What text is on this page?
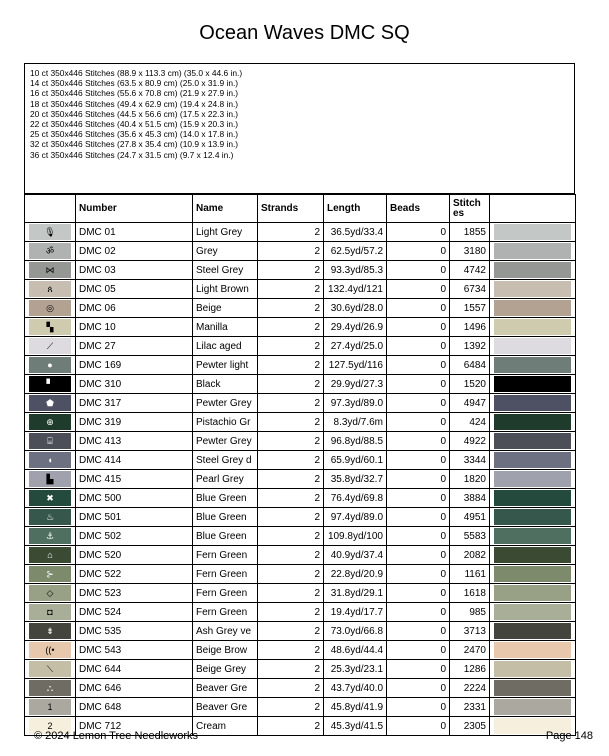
Ocean Waves DMC SQ
10 ct 350x446 Stitches (88.9 x 113.3 cm) (35.0 x 44.6 in.)
14 ct 350x446 Stitches (63.5 x 80.9 cm) (25.0 x 31.9 in.)
16 ct 350x446 Stitches (55.6 x 70.8 cm) (21.9 x 27.9 in.)
18 ct 350x446 Stitches (49.4 x 62.9 cm) (19.4 x 24.8 in.)
20 ct 350x446 Stitches (44.5 x 56.6 cm) (17.5 x 22.3 in.)
22 ct 350x446 Stitches (40.4 x 51.5 cm) (15.9 x 20.3 in.)
25 ct 350x446 Stitches (35.6 x 45.3 cm) (14.0 x 17.8 in.)
32 ct 350x446 Stitches (27.8 x 35.4 cm) (10.9 x 13.9 in.)
36 ct 350x446 Stitches (24.7 x 31.5 cm) (9.7 x 12.4 in.)
	Number	Name	Strands	Length	Beads	Stitch
es	

🎙	DMC 01	Light Grey	2	36.5yd/33.4	0	1855	

ॐ	DMC 02	Grey	2	62.5yd/57.2	0	3180	

⋈	DMC 03	Steel Grey	2	93.3yd/85.3	0	4742	

ጰ	DMC 05	Light Brown	2	132.4yd/121	0	6734	

◎	DMC 06	Beige	2	30.6yd/28.0	0	1557	

▚	DMC 10	Manilla	2	29.4yd/26.9	0	1496	

⟋	DMC 27	Lilac aged	2	27.4yd/25.0	0	1392	

●	DMC 169	Pewter light	2	127.5yd/116	0	6484	

▘	DMC 310	Black	2	29.9yd/27.3	0	1520	

⬟	DMC 317	Pewter Grey	2	97.3yd/89.0	0	4947	

⊕	DMC 319	Pistachio Gr	2	8.3yd/7.6m	0	424	

⌸	DMC 413	Pewter Grey	2	96.8yd/88.5	0	4922	

◖	DMC 414	Steel Grey d	2	65.9yd/60.1	0	3344	

▙	DMC 415	Pearl Grey	2	35.8yd/32.7	0	1820	

✖	DMC 500	Blue Green	2	76.4yd/69.8	0	3884	

♨	DMC 501	Blue Green	2	97.4yd/89.0	0	4951	

⚓	DMC 502	Blue Green	2	109.8yd/100	0	5583	

⌂	DMC 520	Fern Green	2	40.9yd/37.4	0	2082	

⊱	DMC 522	Fern Green	2	22.8yd/20.9	0	1161	

◇	DMC 523	Fern Green	2	31.8yd/29.1	0	1618	

◘	DMC 524	Fern Green	2	19.4yd/17.7	0	985	

⇟	DMC 535	Ash Grey ve	2	73.0yd/66.8	0	3713	

((•	DMC 543	Beige Brow	2	48.6yd/44.4	0	2470	

⟍	DMC 644	Beige Grey	2	25.3yd/23.1	0	1286	

⛬	DMC 646	Beaver Gre	2	43.7yd/40.0	0	2224	

1	DMC 648	Beaver Gre	2	45.8yd/41.9	0	2331	

2	DMC 712	Cream	2	45.3yd/41.5	0	2305	
© 2024 Lemon Tree Needleworks	Page 148
